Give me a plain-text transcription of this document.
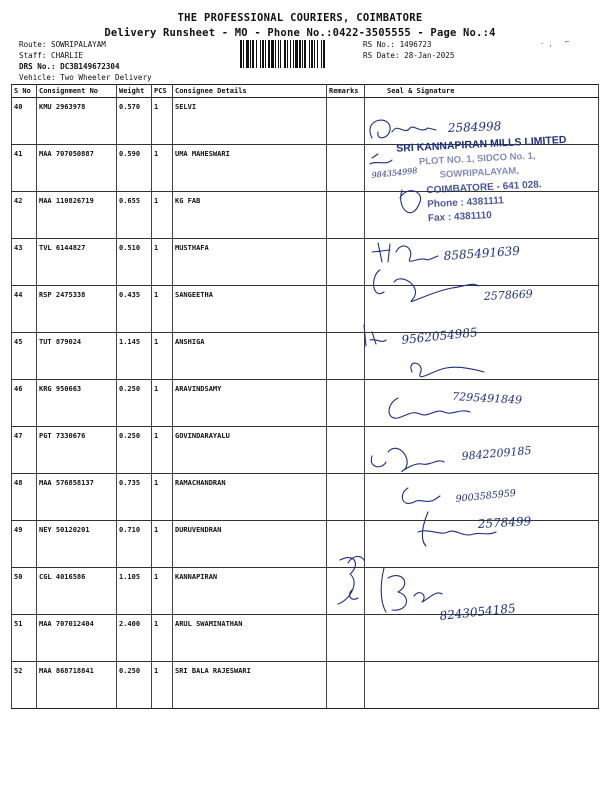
THE PROFESSIONAL COURIERS, COIMBATORE
Delivery Runsheet - MO - Phone No.:0422-3505555 - Page No.:4
Route: SOWRIPALAYAM
Staff: CHARLIE
DRS No.: DC3B149672304
Vehicle: Two Wheeler Delivery
RS No.: 1496723
RS Date: 28-Jan-2025
· , ⌐
S No	Consignment No	Weight	PCS	Consignee Details	Remarks	Seal & Signature
40	KMU 2963978	0.570	1	SELVI		
41	MAA 707050887	0.590	1	UMA MAHESWARI		
42	MAA 110826719	0.655	1	KG FAB		
43	TVL 6144827	0.510	1	MUSTHAFA		
44	RSP 2475338	0.435	1	SANGEETHA		
45	TUT 879024	1.145	1	ANSHIGA		
46	KRG 950663	0.250	1	ARAVINDSAMY		
47	PGT 7330676	0.250	1	GOVINDARAYALU		
48	MAA 576858137	0.735	1	RAMACHANDRAN		
49	NEY 50120201	0.710	1	DURUVENDRAN		
50	CGL 4016586	1.105	1	KANNAPIRAN		
51	MAA 707012404	2.400	1	ARUL SWAMINATHAN		
52	MAA 868718841	0.250	1	SRI BALA RAJESWARI		
SRI KANNAPIRAN MILLS LIMITED
PLOT NO. 1, SIDCO No. 1,
SOWRIPALAYAM,
COIMBATORE - 641 028.
Phone : 4381111
Fax : 4381110
2584998
984354998
8585491639
2578669
9562054985
7295491849
9842209185
9003585959
2578499
8243054185
